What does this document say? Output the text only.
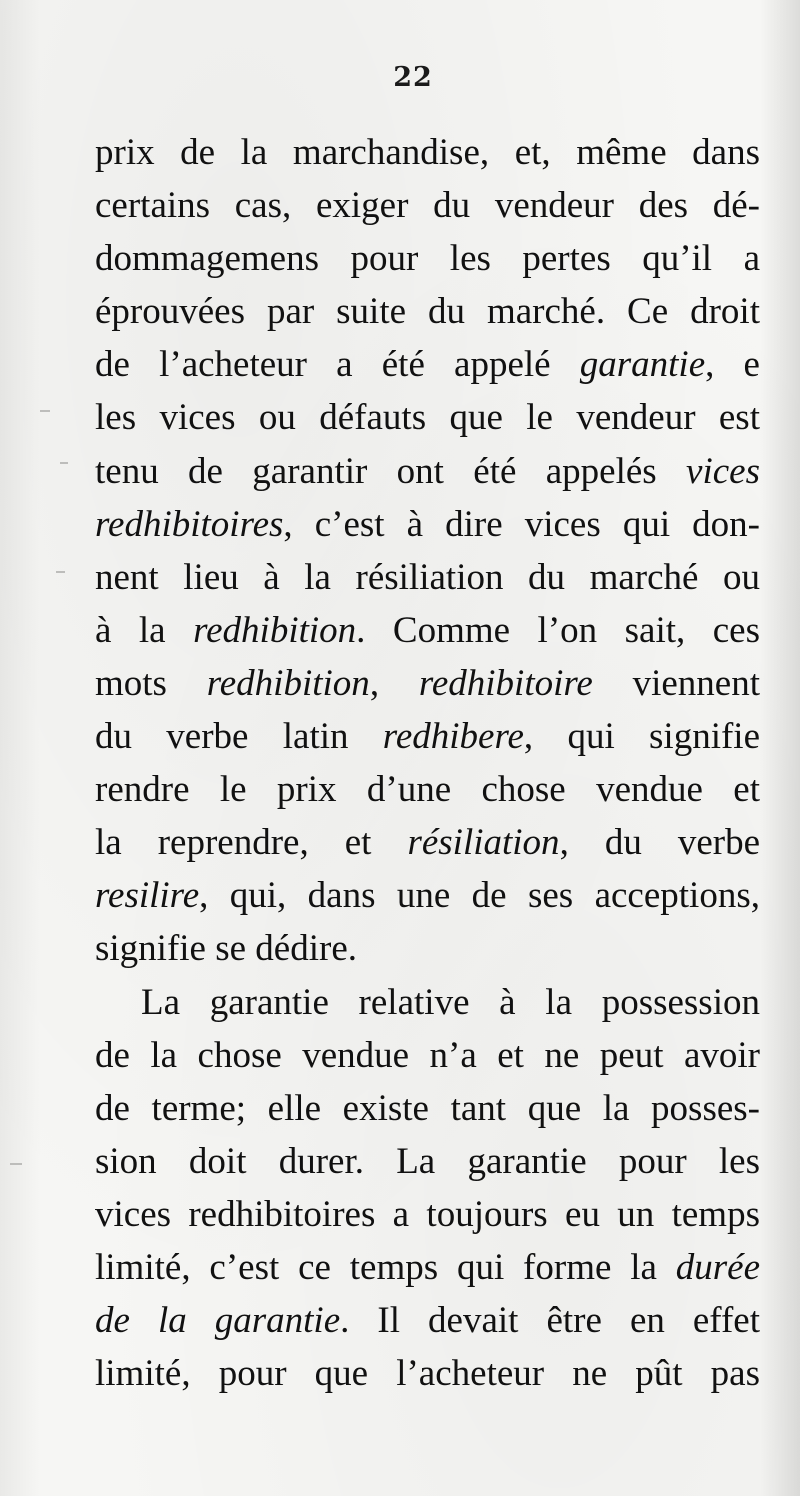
22
prix de la marchandise, et, même dans
certains cas, exiger du vendeur des dé-
dommagemens pour les pertes qu’il a
éprouvées par suite du marché. Ce droit
de l’acheteur a été appelé garantie, e
les vices ou défauts que le vendeur est
tenu de garantir ont été appelés vices
redhibitoires, c’est à dire vices qui don-
nent lieu à la résiliation du marché ou
à la redhibition. Comme l’on sait, ces
mots redhibition, redhibitoire viennent
du verbe latin redhibere, qui signifie
rendre le prix d’une chose vendue et
la reprendre, et résiliation, du verbe
resilire, qui, dans une de ses acceptions,
signifie se dédire.
La garantie relative à la possession
de la chose vendue n’a et ne peut avoir
de terme; elle existe tant que la posses-
sion doit durer. La garantie pour les
vices redhibitoires a toujours eu un temps
limité, c’est ce temps qui forme la durée
de la garantie. Il devait être en effet
limité, pour que l’acheteur ne pût pas
